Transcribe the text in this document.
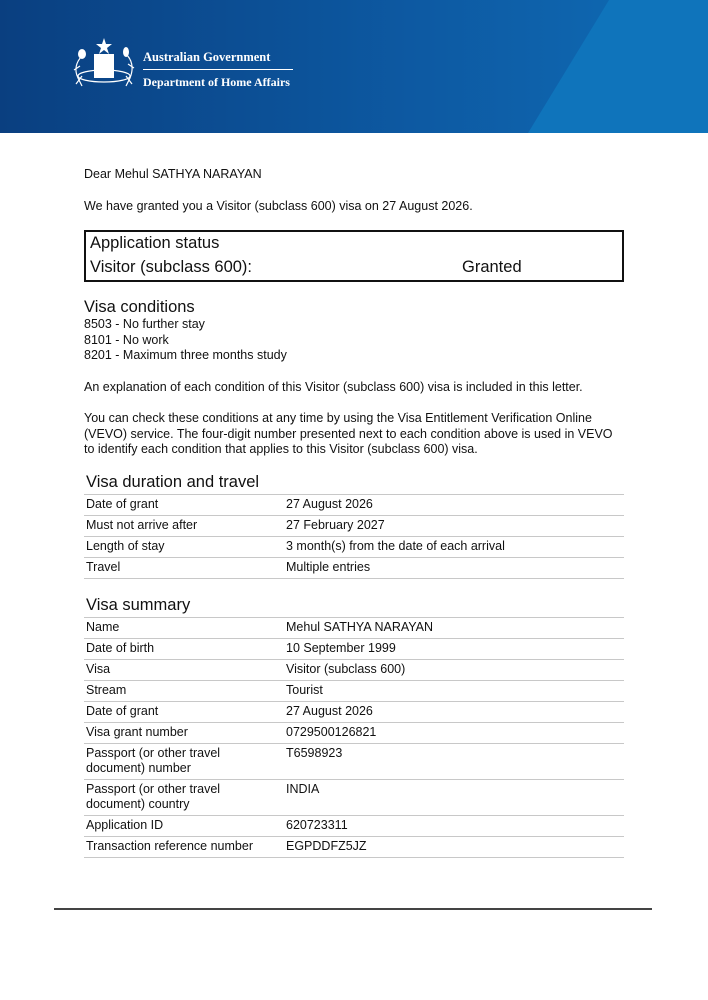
Australian Government
Department of Home Affairs

Dear Mehul SATHYA NARAYAN

We have granted you a Visitor (subclass 600) visa on 27 August 2026.

Application status
Visitor (subclass 600):	Granted
Visa conditions
8503 - No further stay
8101 - No work
8201 - Maximum three months study
An explanation of each condition of this Visitor (subclass 600) visa is included in this letter.
You can check these conditions at any time by using the Visa Entitlement Verification Online (VEVO) service. The four-digit number presented next to each condition above is used in VEVO to identify each condition that applies to this Visitor (subclass 600) visa.
Visa duration and travel
Date of grant	27 August 2026
Must not arrive after	27 February 2027
Length of stay	3 month(s) from the date of each arrival
Travel	Multiple entries
Visa summary
Name	Mehul SATHYA NARAYAN
Date of birth	10 September 1999
Visa	Visitor (subclass 600)
Stream	Tourist
Date of grant	27 August 2026
Visa grant number	0729500126821
Passport (or other travel document) number	T6598923
Passport (or other travel document) country	INDIA
Application ID	620723311
Transaction reference number	EGPDDFZ5JZ
